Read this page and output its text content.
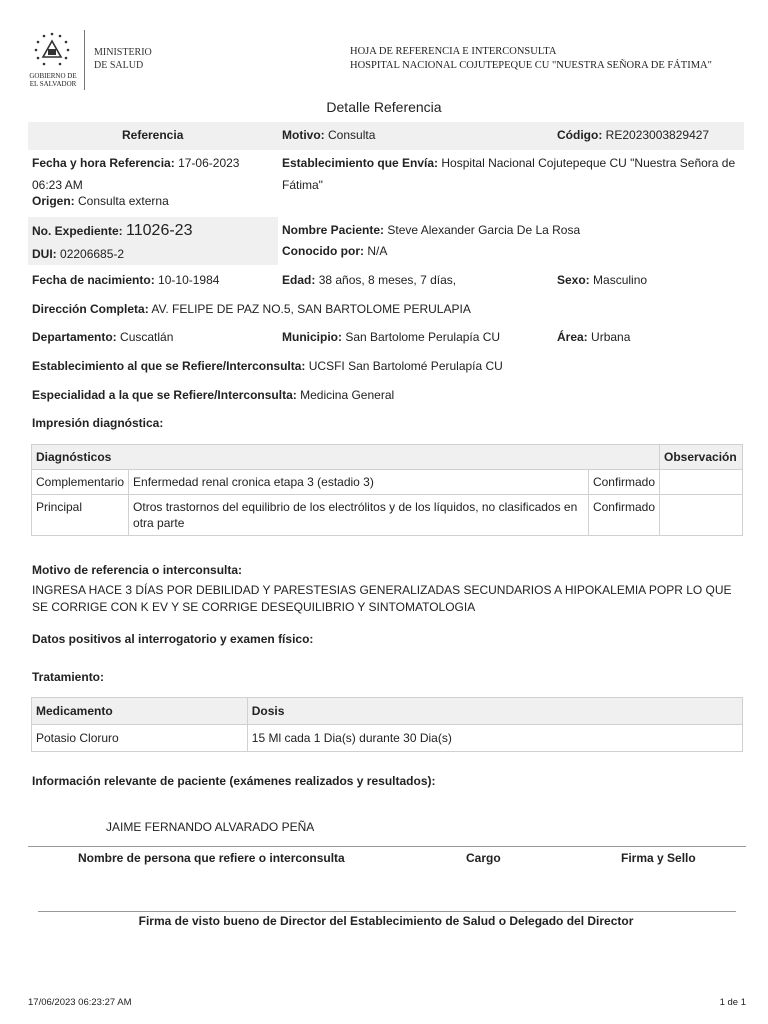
GOBIERNO DE
EL SALVADOR
MINISTERIO
DE SALUD
HOJA DE REFERENCIA E INTERCONSULTA
HOSPITAL NACIONAL COJUTEPEQUE CU "NUESTRA SEÑORA DE FÁTIMA"
Detalle Referencia
Referencia	Motivo: Consulta	Código: RE2023003829427
Fecha y hora Referencia: 17-06-2023
06:23 AM
Origen: Consulta externa
Establecimiento que Envía: Hospital Nacional Cojutepeque CU "Nuestra Señora de
Fátima"
No. Expediente: 11026-23
DUI: 02206685-2
Nombre Paciente: Steve Alexander Garcia De La Rosa
Conocido por: N/A
Fecha de nacimiento: 10-10-1984	Edad: 38 años, 8 meses, 7 días,	Sexo: Masculino
Dirección Completa: AV. FELIPE DE PAZ NO.5, SAN BARTOLOME PERULAPIA
Departamento: Cuscatlán	Municipio: San Bartolome Perulapía CU	Área: Urbana
Establecimiento al que se Refiere/Interconsulta: UCSFI San Bartolomé Perulapía CU
Especialidad a la que se Refiere/Interconsulta: Medicina General
Impresión diagnóstica:
Diagnósticos			Observación
Complementario	Enfermedad renal cronica etapa 3 (estadio 3)	Confirmado	
Principal	Otros trastornos del equilibrio de los electrólitos y de los líquidos, no clasificados en otra parte	Confirmado	
Motivo de referencia o interconsulta:
INGRESA HACE 3 DÍAS POR DEBILIDAD Y PARESTESIAS GENERALIZADAS SECUNDARIOS A HIPOKALEMIA POPR LO QUE SE CORRIGE CON K EV Y SE CORRIGE DESEQUILIBRIO Y SINTOMATOLOGIA
Datos positivos al interrogatorio y examen físico:
Tratamiento:
Medicamento	Dosis
Potasio Cloruro	15 Ml cada 1 Dia(s) durante 30 Dia(s)
Información relevante de paciente (exámenes realizados y resultados):
JAIME FERNANDO ALVARADO PEÑA
Nombre de persona que refiere o interconsulta	Cargo	Firma y Sello
Firma de visto bueno de Director del Establecimiento de Salud o Delegado del Director
17/06/2023 06:23:27 AM	1 de 1
